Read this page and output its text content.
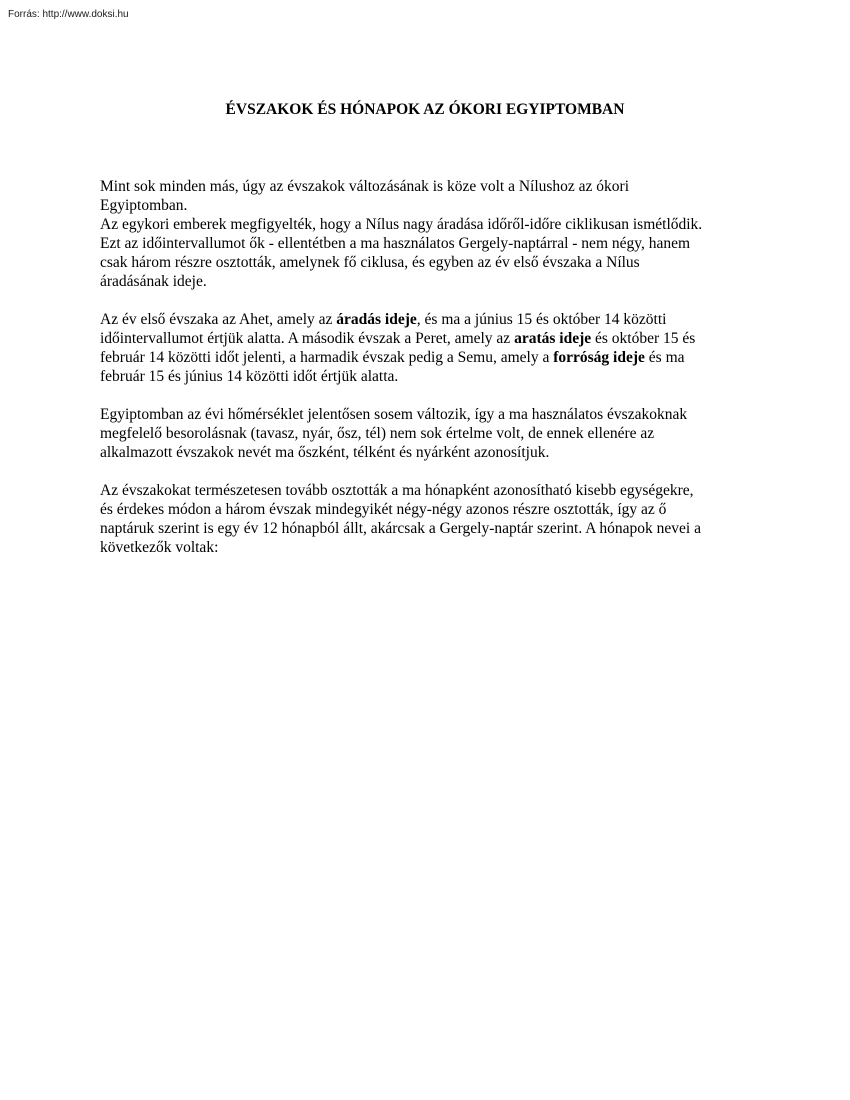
Forrás: http://www.doksi.hu
ÉVSZAKOK ÉS HÓNAPOK AZ ÓKORI EGYIPTOMBAN

Mint sok minden más, úgy az évszakok változásának is köze volt a Nílushoz az ókori
Egyiptomban.
Az egykori emberek megfigyelték, hogy a Nílus nagy áradása időről-időre ciklikusan ismétlődik.
Ezt az időintervallumot ők - ellentétben a ma használatos Gergely-naptárral - nem négy, hanem
csak három részre osztották, amelynek fő ciklusa, és egyben az év első évszaka a Nílus
áradásának ideje.

Az év első évszaka az Ahet, amely az áradás ideje, és ma a június 15 és október 14 közötti
időintervallumot értjük alatta. A második évszak a Peret, amely az aratás ideje és október 15 és
február 14 közötti időt jelenti, a harmadik évszak pedig a Semu, amely a forróság ideje és ma
február 15 és június 14 közötti időt értjük alatta.

Egyiptomban az évi hőmérséklet jelentősen sosem változik, így a ma használatos évszakoknak
megfelelő besorolásnak (tavasz, nyár, ősz, tél) nem sok értelme volt, de ennek ellenére az
alkalmazott évszakok nevét ma őszként, télként és nyárként azonosítjuk.

Az évszakokat természetesen tovább osztották a ma hónapként azonosítható kisebb egységekre,
és érdekes módon a három évszak mindegyikét négy-négy azonos részre osztották, így az ő
naptáruk szerint is egy év 12 hónapból állt, akárcsak a Gergely-naptár szerint. A hónapok nevei a
következők voltak:
